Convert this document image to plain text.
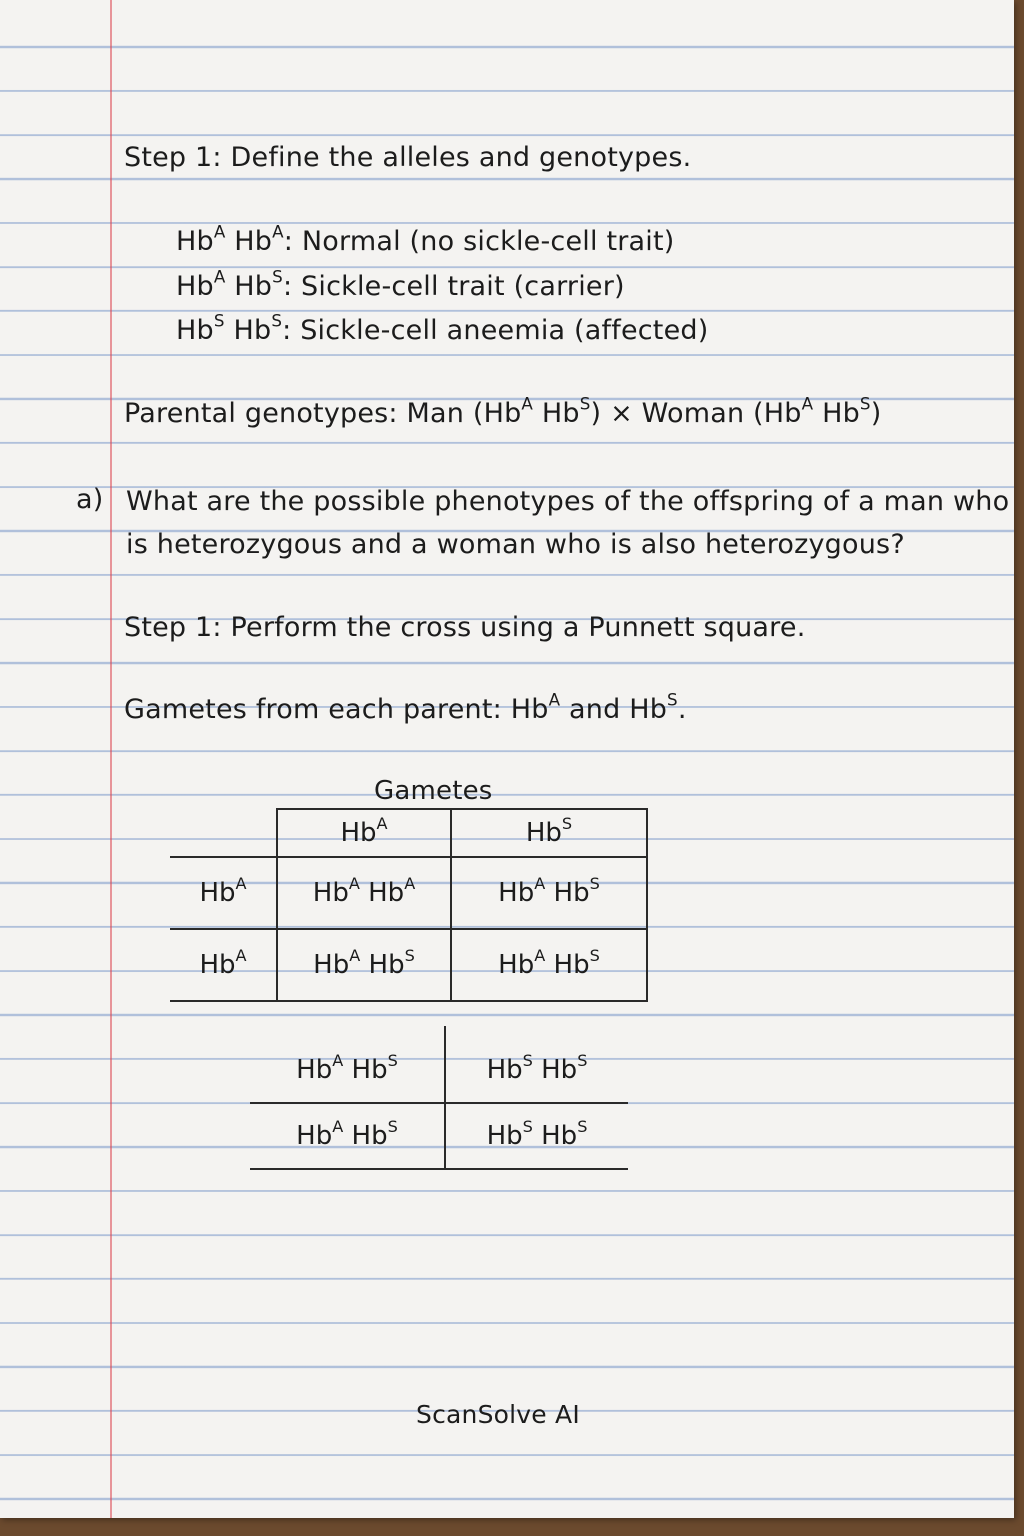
Step 1: Define the alleles and genotypes.
$Hb^A$ $Hb^A$: Normal (no sickle-cell trait)
$Hb^A$ $Hb^S$: Sickle-cell trait (carrier)
$Hb^S$ $Hb^S$: Sickle-cell aneemia (affected)
Parental genotypes: Man ($Hb^A$ $Hb^S$) × Woman ($Hb^A$ $Hb^S$)
a) What are the possible phenotypes of the offspring of a man who
is heterozygous and a woman who is also heterozygous?
Step 1: Perform the cross using a Punnett square.
Gametes from each parent: $Hb^A$ and $Hb^S$.
Gametes
	$Hb^A$	$Hb^S$
$Hb^A$	$Hb^A$ $Hb^A$	$Hb^A$ $Hb^S$
$Hb^A$	$Hb^A$ $Hb^S$	$Hb^A$ $Hb^S$
$Hb^A$ $Hb^S$	$Hb^S$ $Hb^S$
$Hb^A$ $Hb^S$	$Hb^S$ $Hb^S$
ScanSolve AI
